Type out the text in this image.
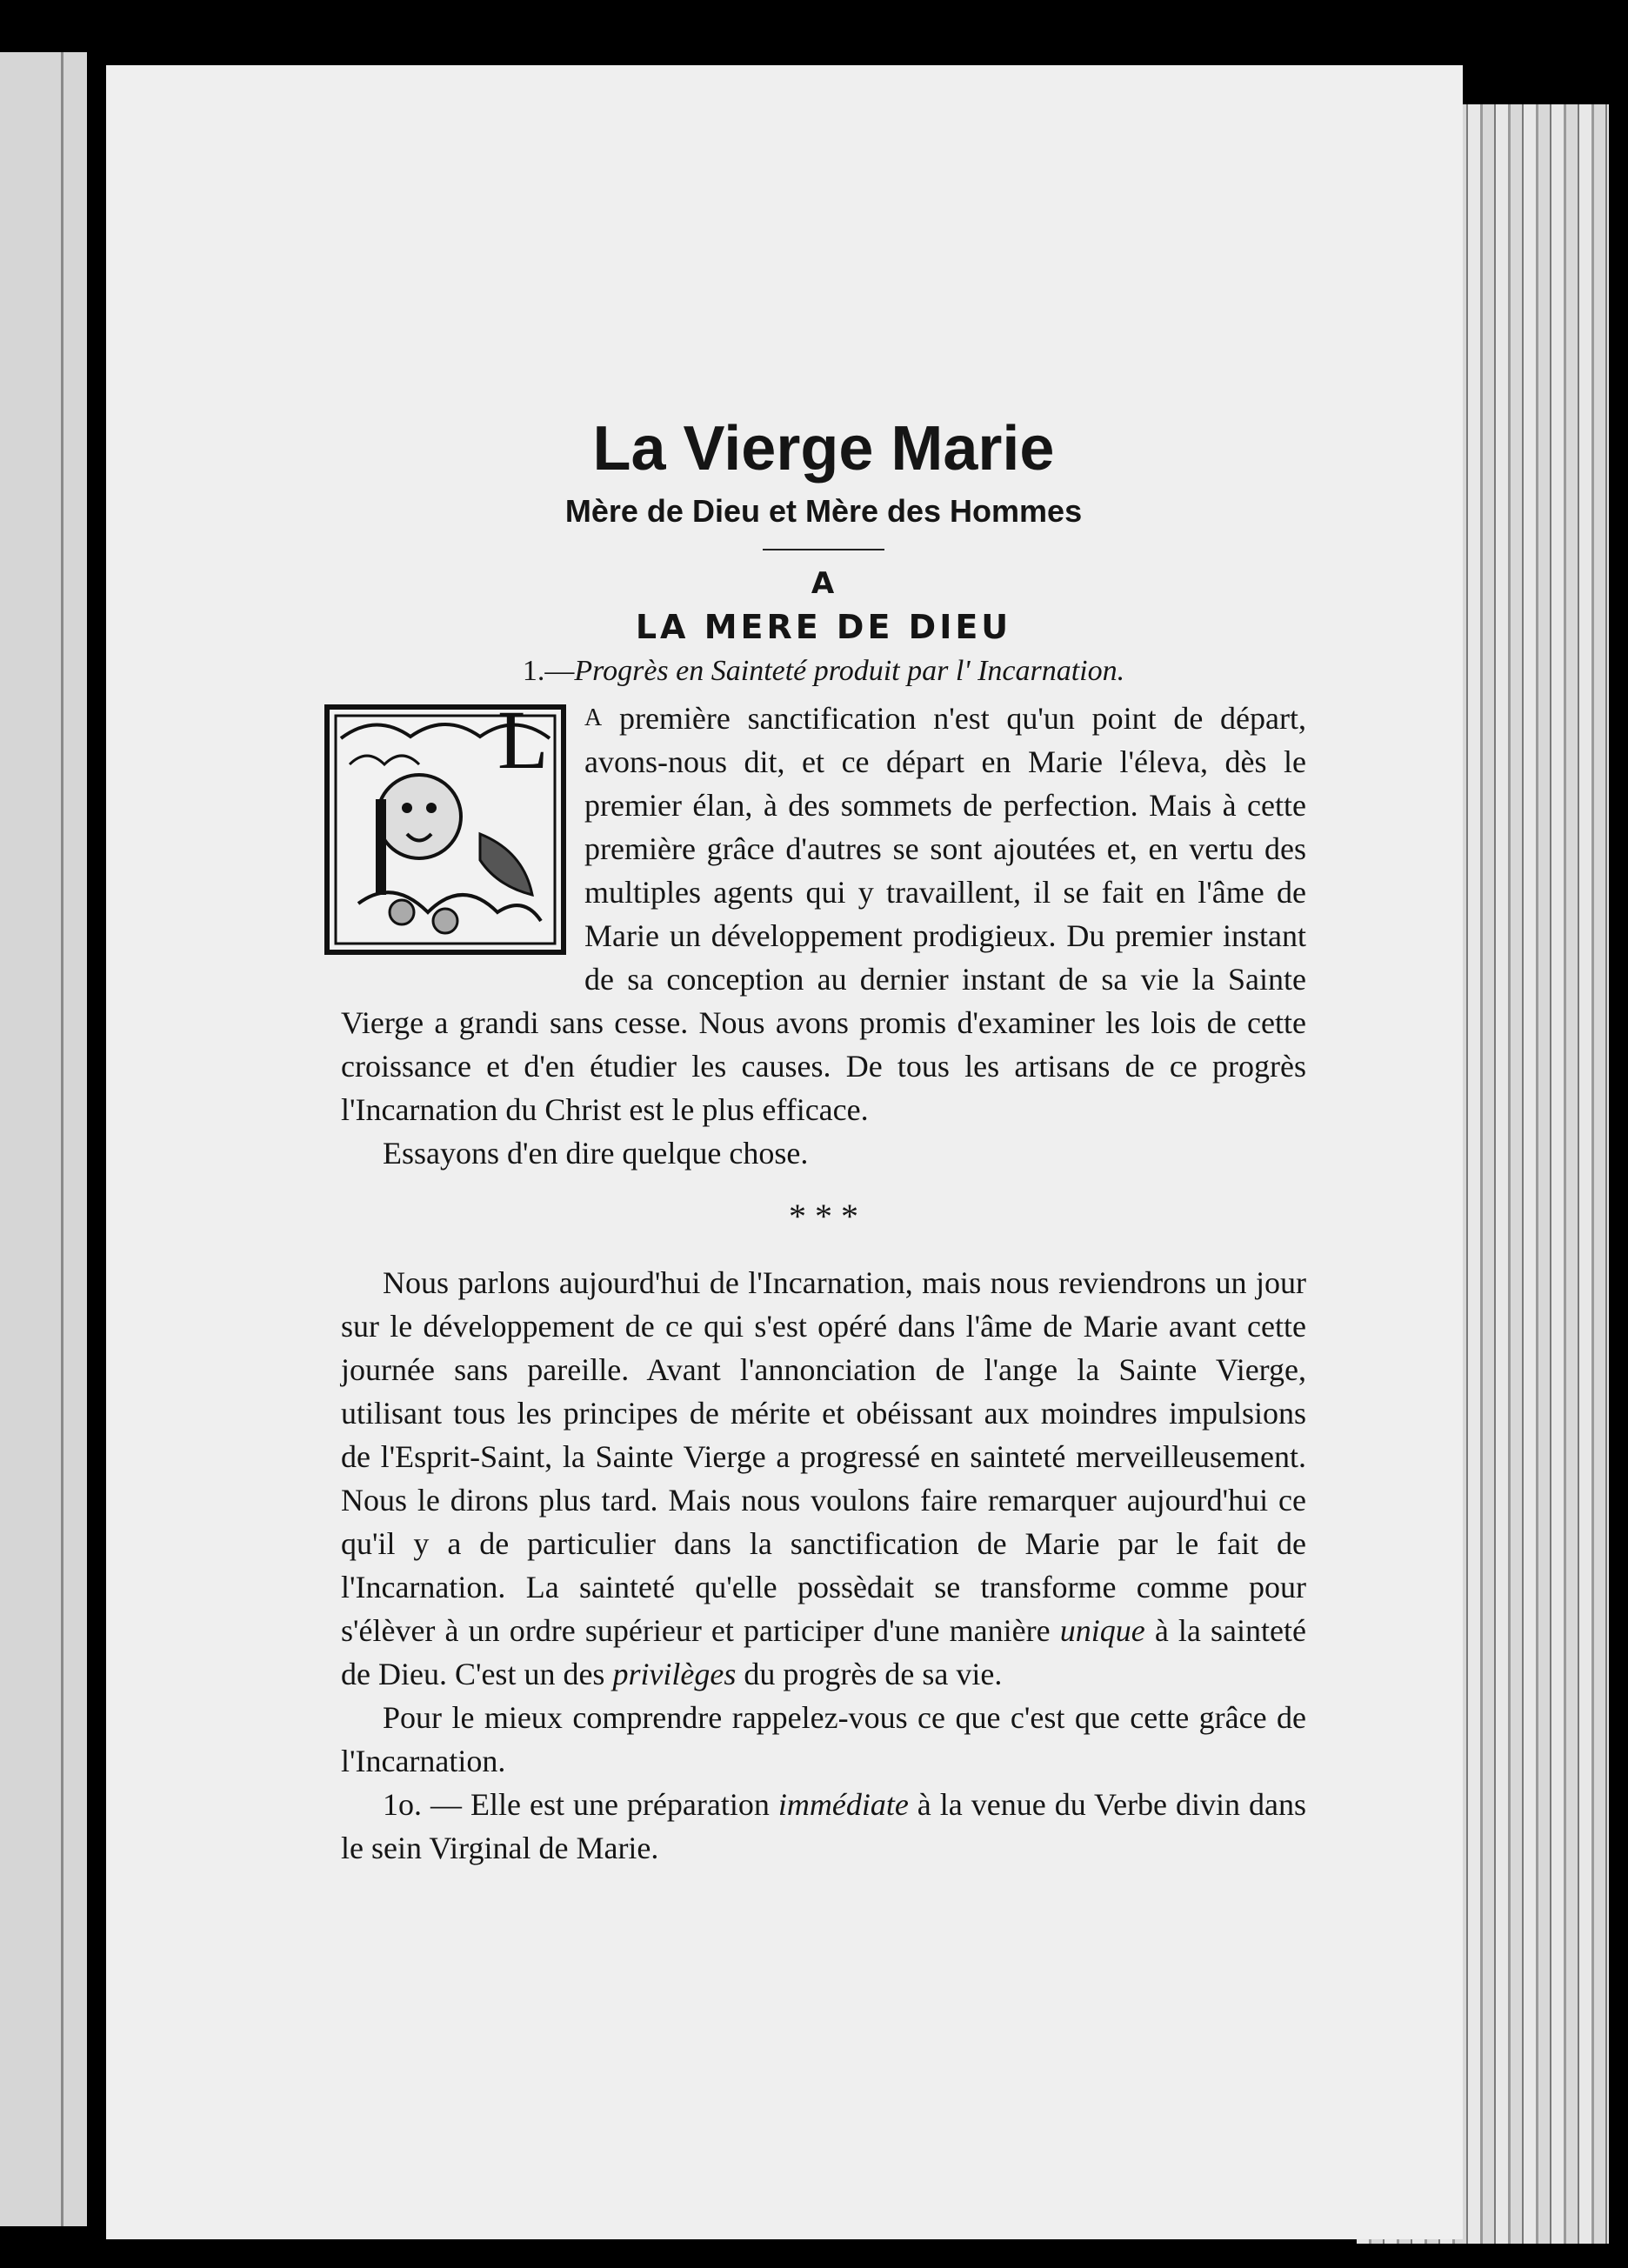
La Vierge Marie
Mère de Dieu et Mère des Hommes
A
LA MERE DE DIEU
1.—Progrès en Sainteté produit par l' Incarnation.
L	$^A$ première sanctification n'est qu'un point de départ, avons-nous dit, et ce départ en Marie l'éleva, dès le premier élan, à des sommets de perfection. Mais à cette première grâce d'autres se sont ajoutées et, en vertu des multiples agents qui y travaillent, il se fait en l'âme de Marie un développement prodigieux. Du premier instant de sa conception au dernier instant de sa vie la Sainte Vierge a grandi sans cesse. Nous avons promis d'examiner les lois de cette croissance et d'en étudier les causes. De tous les artisans de ce progrès l'Incarnation du Christ est le plus efficace.

Essayons d'en dire quelque chose.

* * *

Nous parlons aujourd'hui de l'Incarnation, mais nous reviendrons un jour sur le développement de ce qui s'est opéré dans l'âme de Marie avant cette journée sans pareille. Avant l'annonciation de l'ange la Sainte Vierge, utilisant tous les principes de mérite et obéissant aux moindres impulsions de l'Esprit-Saint, la Sainte Vierge a progressé en sainteté merveilleusement. Nous le dirons plus tard. Mais nous voulons faire remarquer aujourd'hui ce qu'il y a de particulier dans la sanctification de Marie par le fait de l'Incarnation. La sainteté qu'elle possèdait se transforme comme pour s'élèver à un ordre supérieur et participer d'une manière unique à la sainteté de Dieu. C'est un des privilèges du progrès de sa vie.

Pour le mieux comprendre rappelez-vous ce que c'est que cette grâce de l'Incarnation.

1o. — Elle est une préparation immédiate à la venue du Verbe divin dans le sein Virginal de Marie.
